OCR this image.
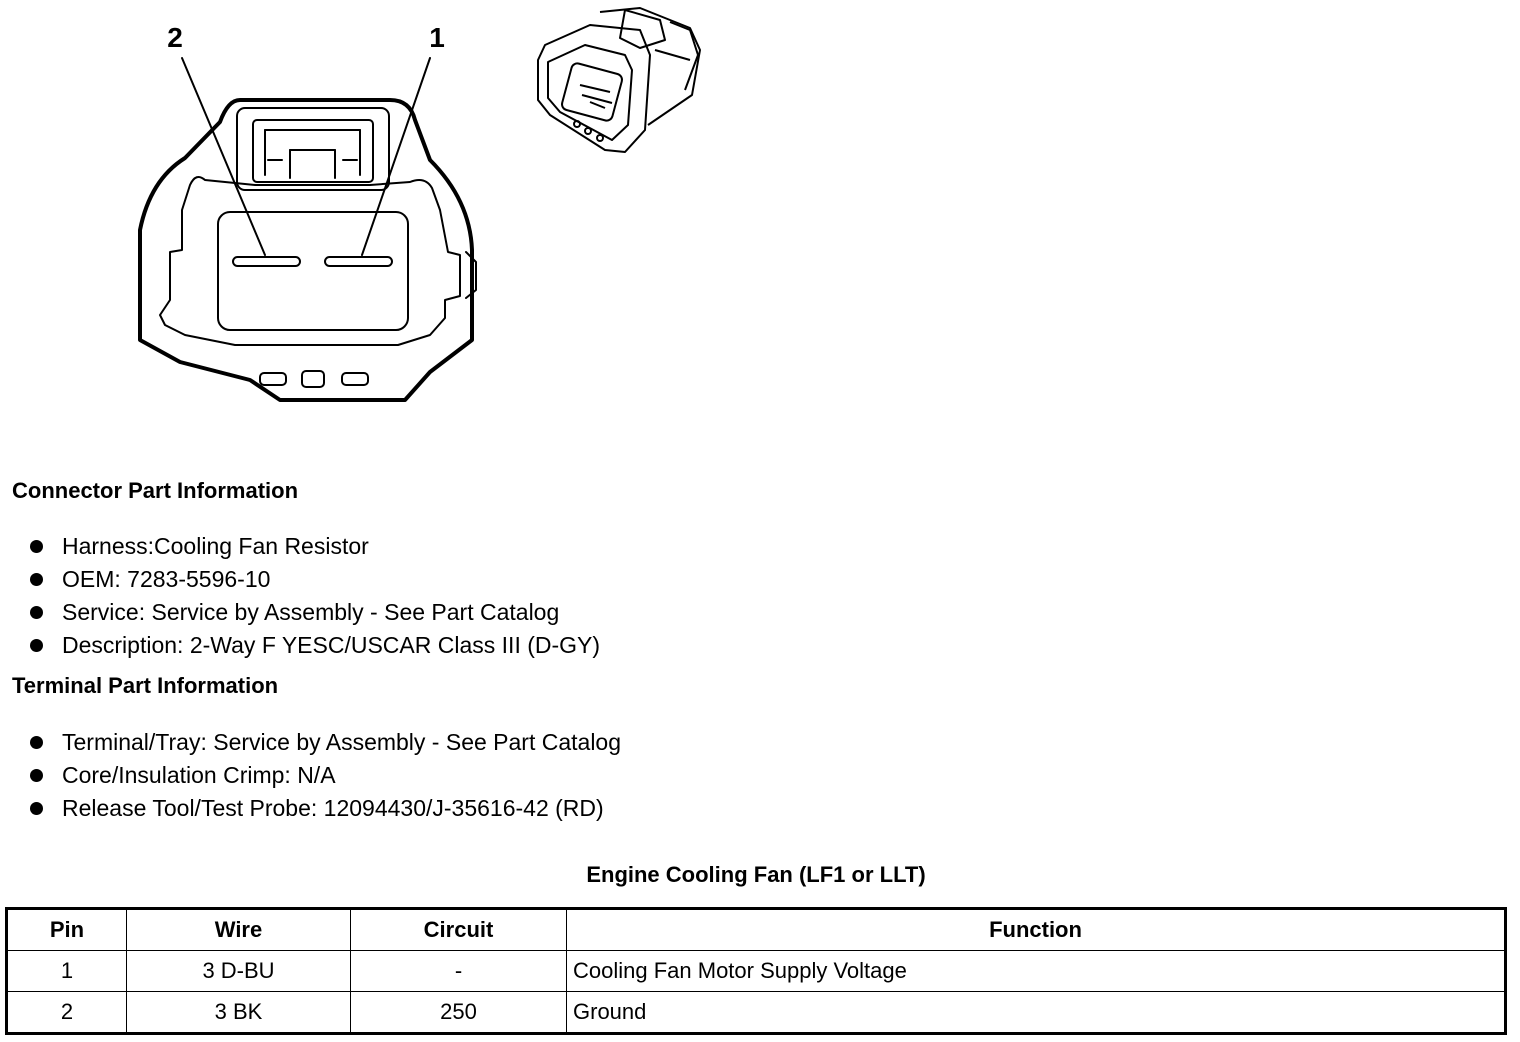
2	1
Connector Part Information
Harness:Cooling Fan Resistor
OEM: 7283-5596-10
Service: Service by Assembly - See Part Catalog
Description: 2-Way F YESC/USCAR Class III (D-GY)
Terminal Part Information
Terminal/Tray: Service by Assembly - See Part Catalog
Core/Insulation Crimp: N/A
Release Tool/Test Probe: 12094430/J-35616-42 (RD)
Engine Cooling Fan (LF1 or LLT)
Pin	Wire	Circuit	Function
1	3 D-BU	-	Cooling Fan Motor Supply Voltage
2	3 BK	250	Ground
